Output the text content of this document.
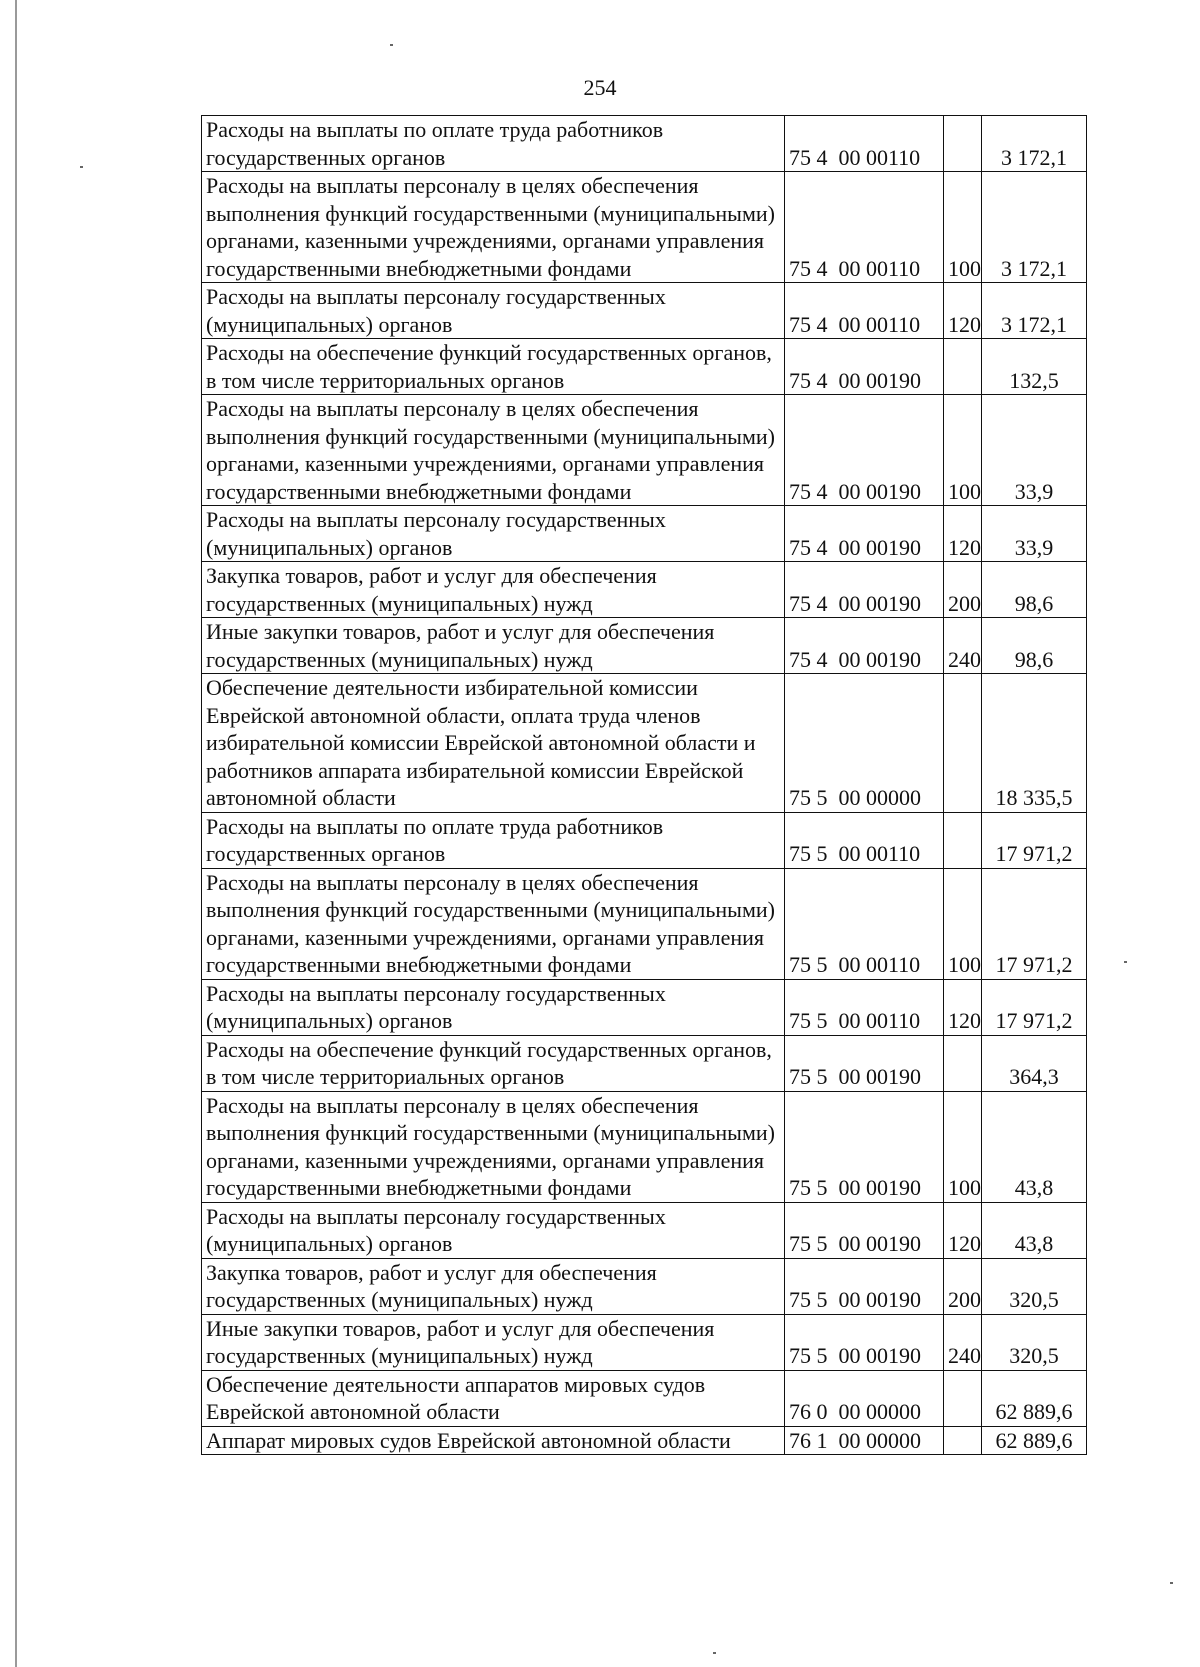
254
Расходы на выплаты по оплате труда работников государственных органов	75 4  00 00110		3 172,1
Расходы на выплаты персоналу в целях обеспечения выполнения функций государственными (муниципальными) органами, казенными учреждениями, органами управления государственными внебюджетными фондами	75 4  00 00110	100	3 172,1
Расходы на выплаты персоналу государственных (муниципальных) органов	75 4  00 00110	120	3 172,1
Расходы на обеспечение функций государственных органов, в том числе территориальных органов	75 4  00 00190		132,5
Расходы на выплаты персоналу в целях обеспечения выполнения функций государственными (муниципальными) органами, казенными учреждениями, органами управления государственными внебюджетными фондами	75 4  00 00190	100	33,9
Расходы на выплаты персоналу государственных (муниципальных) органов	75 4  00 00190	120	33,9
Закупка товаров, работ и услуг для обеспечения государственных (муниципальных) нужд	75 4  00 00190	200	98,6
Иные закупки товаров, работ и услуг для обеспечения государственных (муниципальных) нужд	75 4  00 00190	240	98,6
Обеспечение деятельности избирательной комиссии Еврейской автономной области, оплата труда членов избирательной комиссии Еврейской автономной области и работников аппарата избирательной комиссии Еврейской автономной области	75 5  00 00000		18 335,5
Расходы на выплаты по оплате труда работников государственных органов	75 5  00 00110		17 971,2
Расходы на выплаты персоналу в целях обеспечения выполнения функций государственными (муниципальными) органами, казенными учреждениями, органами управления государственными внебюджетными фондами	75 5  00 00110	100	17 971,2
Расходы на выплаты персоналу государственных (муниципальных) органов	75 5  00 00110	120	17 971,2
Расходы на обеспечение функций государственных органов, в том числе территориальных органов	75 5  00 00190		364,3
Расходы на выплаты персоналу в целях обеспечения выполнения функций государственными (муниципальными) органами, казенными учреждениями, органами управления государственными внебюджетными фондами	75 5  00 00190	100	43,8
Расходы на выплаты персоналу государственных (муниципальных) органов	75 5  00 00190	120	43,8
Закупка товаров, работ и услуг для обеспечения государственных (муниципальных) нужд	75 5  00 00190	200	320,5
Иные закупки товаров, работ и услуг для обеспечения государственных (муниципальных) нужд	75 5  00 00190	240	320,5
Обеспечение деятельности аппаратов мировых судов Еврейской автономной области	76 0  00 00000		62 889,6
Аппарат мировых судов Еврейской автономной области	76 1  00 00000		62 889,6
